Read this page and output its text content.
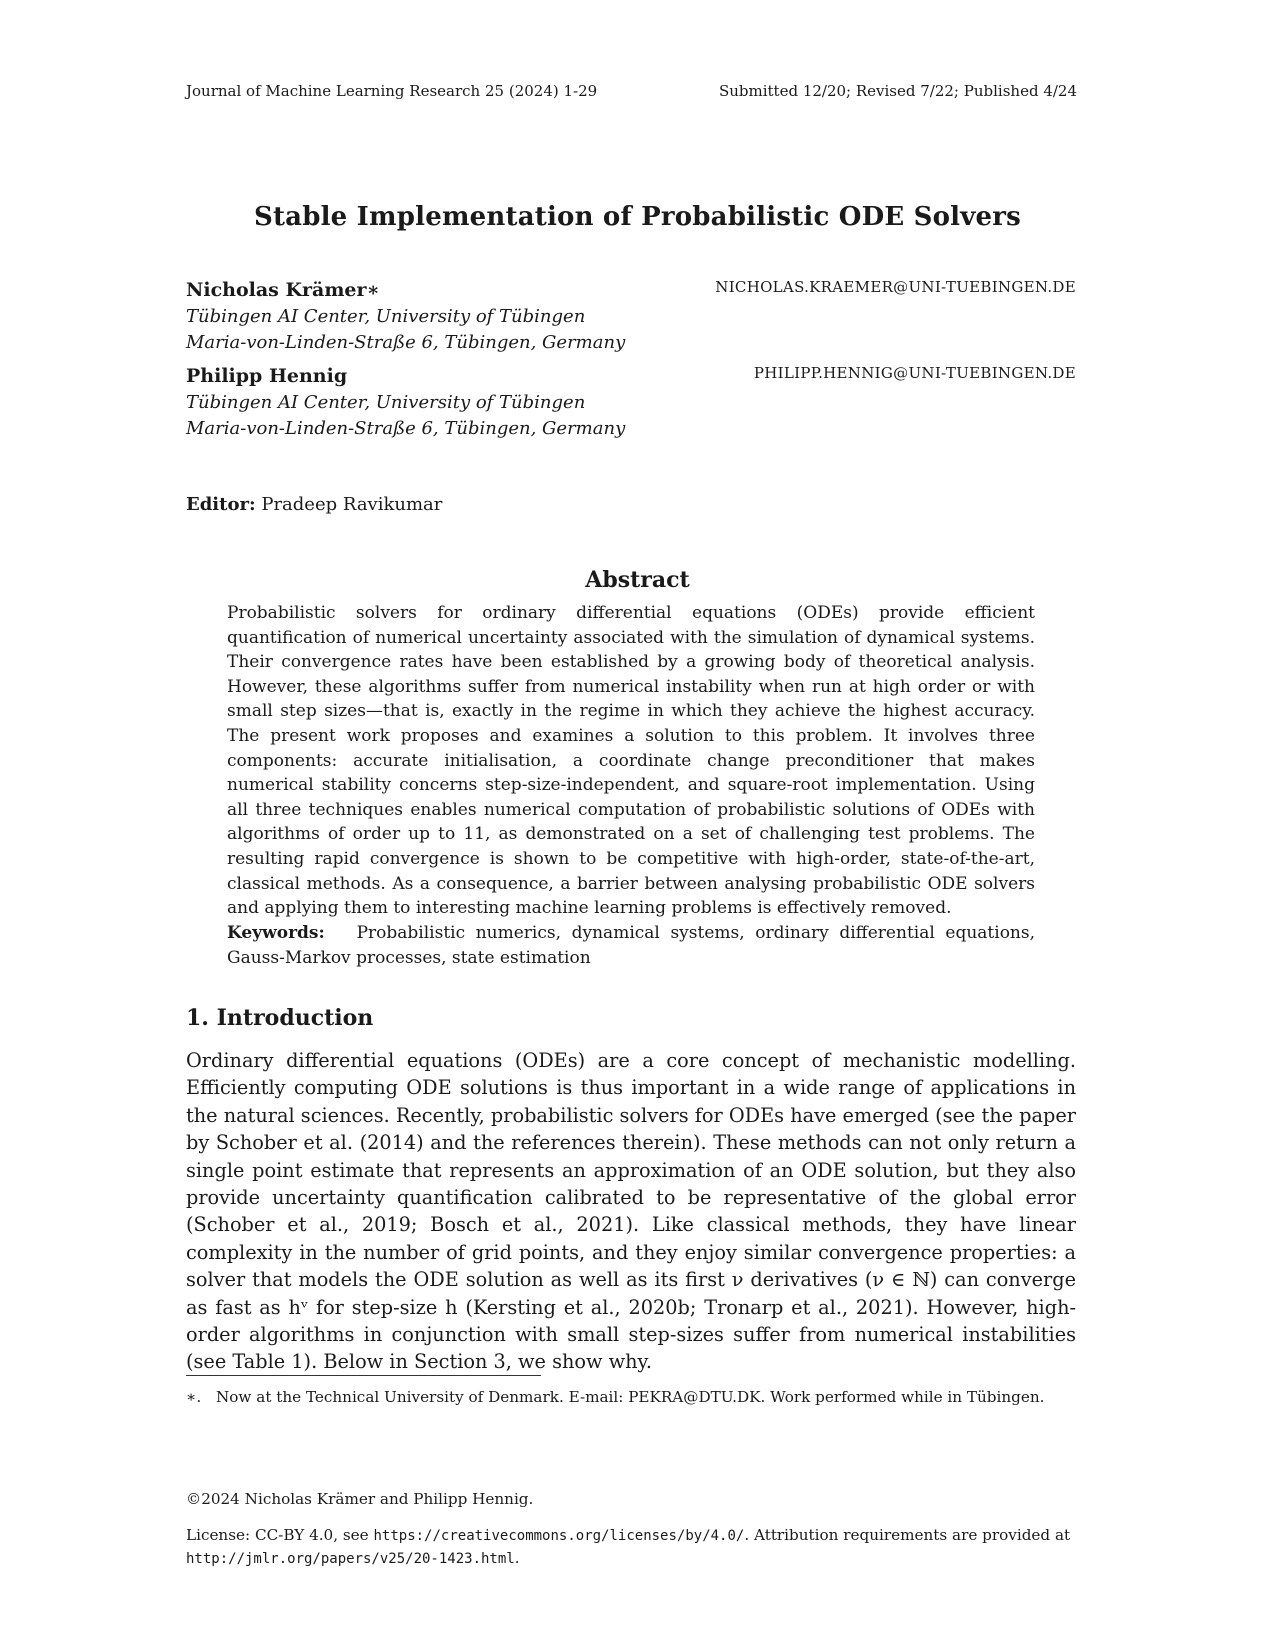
Journal of Machine Learning Research 25 (2024) 1-29	Submitted 12/20; Revised 7/22; Published 4/24
Stable Implementation of Probabilistic ODE Solvers
Nicholas Krämer∗	NICHOLAS.KRAEMER@UNI-TUEBINGEN.DE
Tübingen AI Center, University of Tübingen
Maria-von-Linden-Straße 6, Tübingen, Germany
Philipp Hennig	PHILIPP.HENNIG@UNI-TUEBINGEN.DE
Tübingen AI Center, University of Tübingen
Maria-von-Linden-Straße 6, Tübingen, Germany
Editor: Pradeep Ravikumar
Abstract

Probabilistic solvers for ordinary differential equations (ODEs) provide efficient quantification of numerical uncertainty associated with the simulation of dynamical systems. Their convergence rates have been established by a growing body of theoretical analysis. However, these algorithms suffer from numerical instability when run at high order or with small step sizes—that is, exactly in the regime in which they achieve the highest accuracy. The present work proposes and examines a solution to this problem. It involves three components: accurate initialisation, a coordinate change preconditioner that makes numerical stability concerns step-size-independent, and square-root implementation. Using all three techniques enables numerical computation of probabilistic solutions of ODEs with algorithms of order up to 11, as demonstrated on a set of challenging test problems. The resulting rapid convergence is shown to be competitive with high-order, state-of-the-art, classical methods. As a consequence, a barrier between analysing probabilistic ODE solvers and applying them to interesting machine learning problems is effectively removed.

Keywords: Probabilistic numerics, dynamical systems, ordinary differential equations, Gauss-Markov processes, state estimation

1. Introduction

Ordinary differential equations (ODEs) are a core concept of mechanistic modelling. Efficiently computing ODE solutions is thus important in a wide range of applications in the natural sciences. Recently, probabilistic solvers for ODEs have emerged (see the paper by Schober et al. (2014) and the references therein). These methods can not only return a single point estimate that represents an approximation of an ODE solution, but they also provide uncertainty quantification calibrated to be representative of the global error (Schober et al., 2019; Bosch et al., 2021). Like classical methods, they have linear complexity in the number of grid points, and they enjoy similar convergence properties: a solver that models the ODE solution as well as its first ν derivatives (ν ∈ ℕ) can converge as fast as hᵛ for step-size h (Kersting et al., 2020b; Tronarp et al., 2021). However, high-order algorithms in conjunction with small step-sizes suffer from numerical instabilities (see Table 1). Below in Section 3, we show why.

∗. Now at the Technical University of Denmark. E-mail: PEKRA@DTU.DK. Work performed while in Tübingen.

©2024 Nicholas Krämer and Philipp Hennig.

License: CC-BY 4.0, see https://creativecommons.org/licenses/by/4.0/. Attribution requirements are provided at http://jmlr.org/papers/v25/20-1423.html.
